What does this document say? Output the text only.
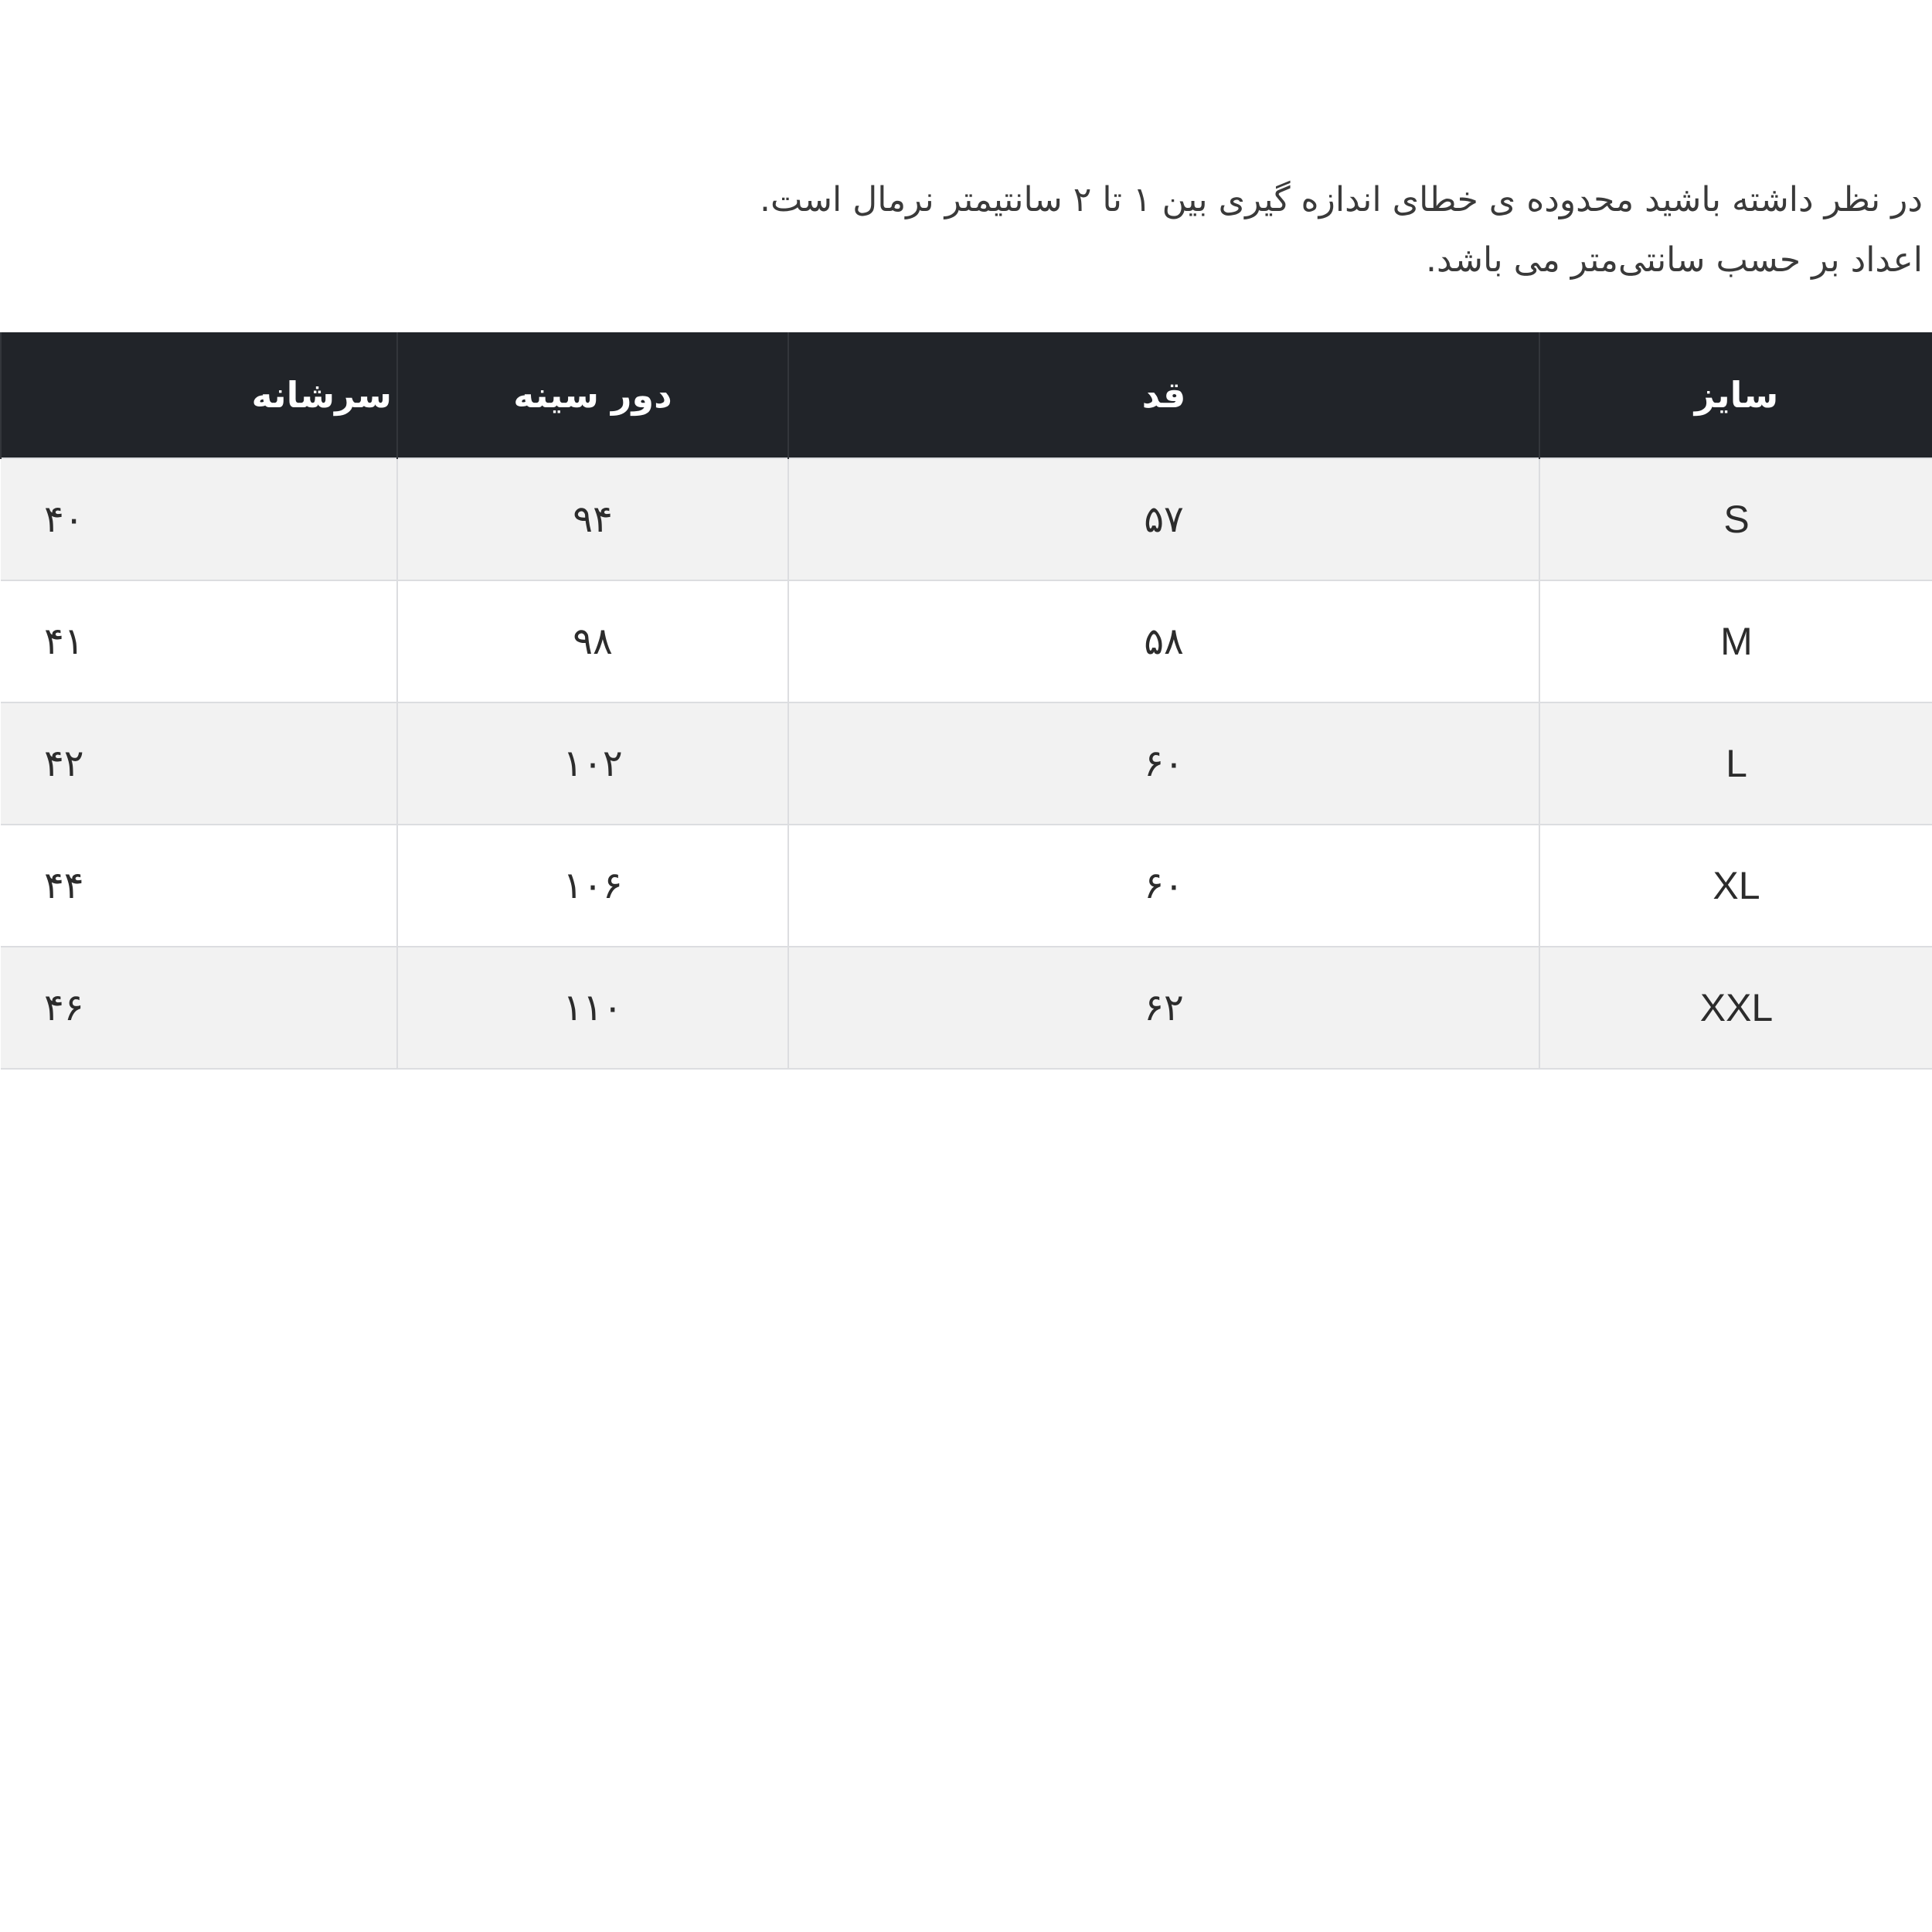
در نظر داشته باشید محدوده ی خطای اندازه گیری بین ۱ تا ۲ سانتیمتر نرمال است.

اعداد بر حسب سانتی‌متر می باشد.

سایز	قد	دور سینه	سرشانه
S	۵۷	۹۴	۴۰
M	۵۸	۹۸	۴۱
L	۶۰	۱۰۲	۴۲
XL	۶۰	۱۰۶	۴۴
XXL	۶۲	۱۱۰	۴۶
